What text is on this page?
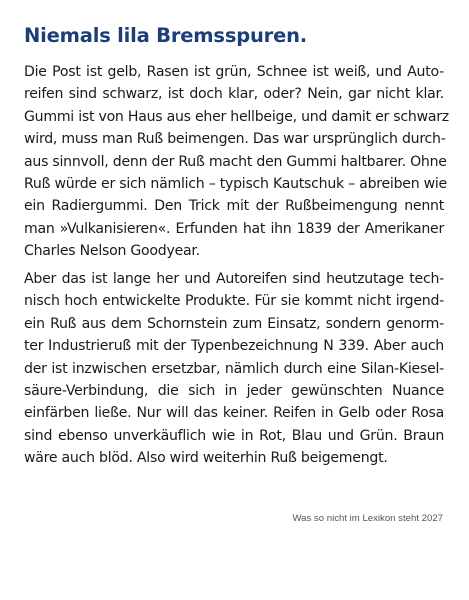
Niemals lila Bremsspuren.
Die Post ist gelb, Rasen ist grün, Schnee ist weiß, und Auto-
reifen sind schwarz, ist doch klar, oder? Nein, gar nicht klar.
Gummi ist von Haus aus eher hellbeige, und damit er schwarz
wird, muss man Ruß beimengen. Das war ursprünglich durch-
aus sinnvoll, denn der Ruß macht den Gummi haltbarer. Ohne
Ruß würde er sich nämlich – typisch Kautschuk – abreiben wie
ein Radiergummi. Den Trick mit der Rußbeimengung nennt
man »Vulkanisieren«. Erfunden hat ihn 1839 der Amerikaner
Charles Nelson Goodyear.
Aber das ist lange her und Autoreifen sind heutzutage tech-
nisch hoch entwickelte Produkte. Für sie kommt nicht irgend-
ein Ruß aus dem Schornstein zum Einsatz, sondern genorm-
ter Industrieruß mit der Typenbezeichnung N 339. Aber auch
der ist inzwischen ersetzbar, nämlich durch eine Silan-Kiesel-
säure-Verbindung, die sich in jeder gewünschten Nuance
einfärben ließe. Nur will das keiner. Reifen in Gelb oder Rosa
sind ebenso unverkäuflich wie in Rot, Blau und Grün. Braun
wäre auch blöd. Also wird weiterhin Ruß beigemengt.

Was so nicht im Lexikon steht 2027
